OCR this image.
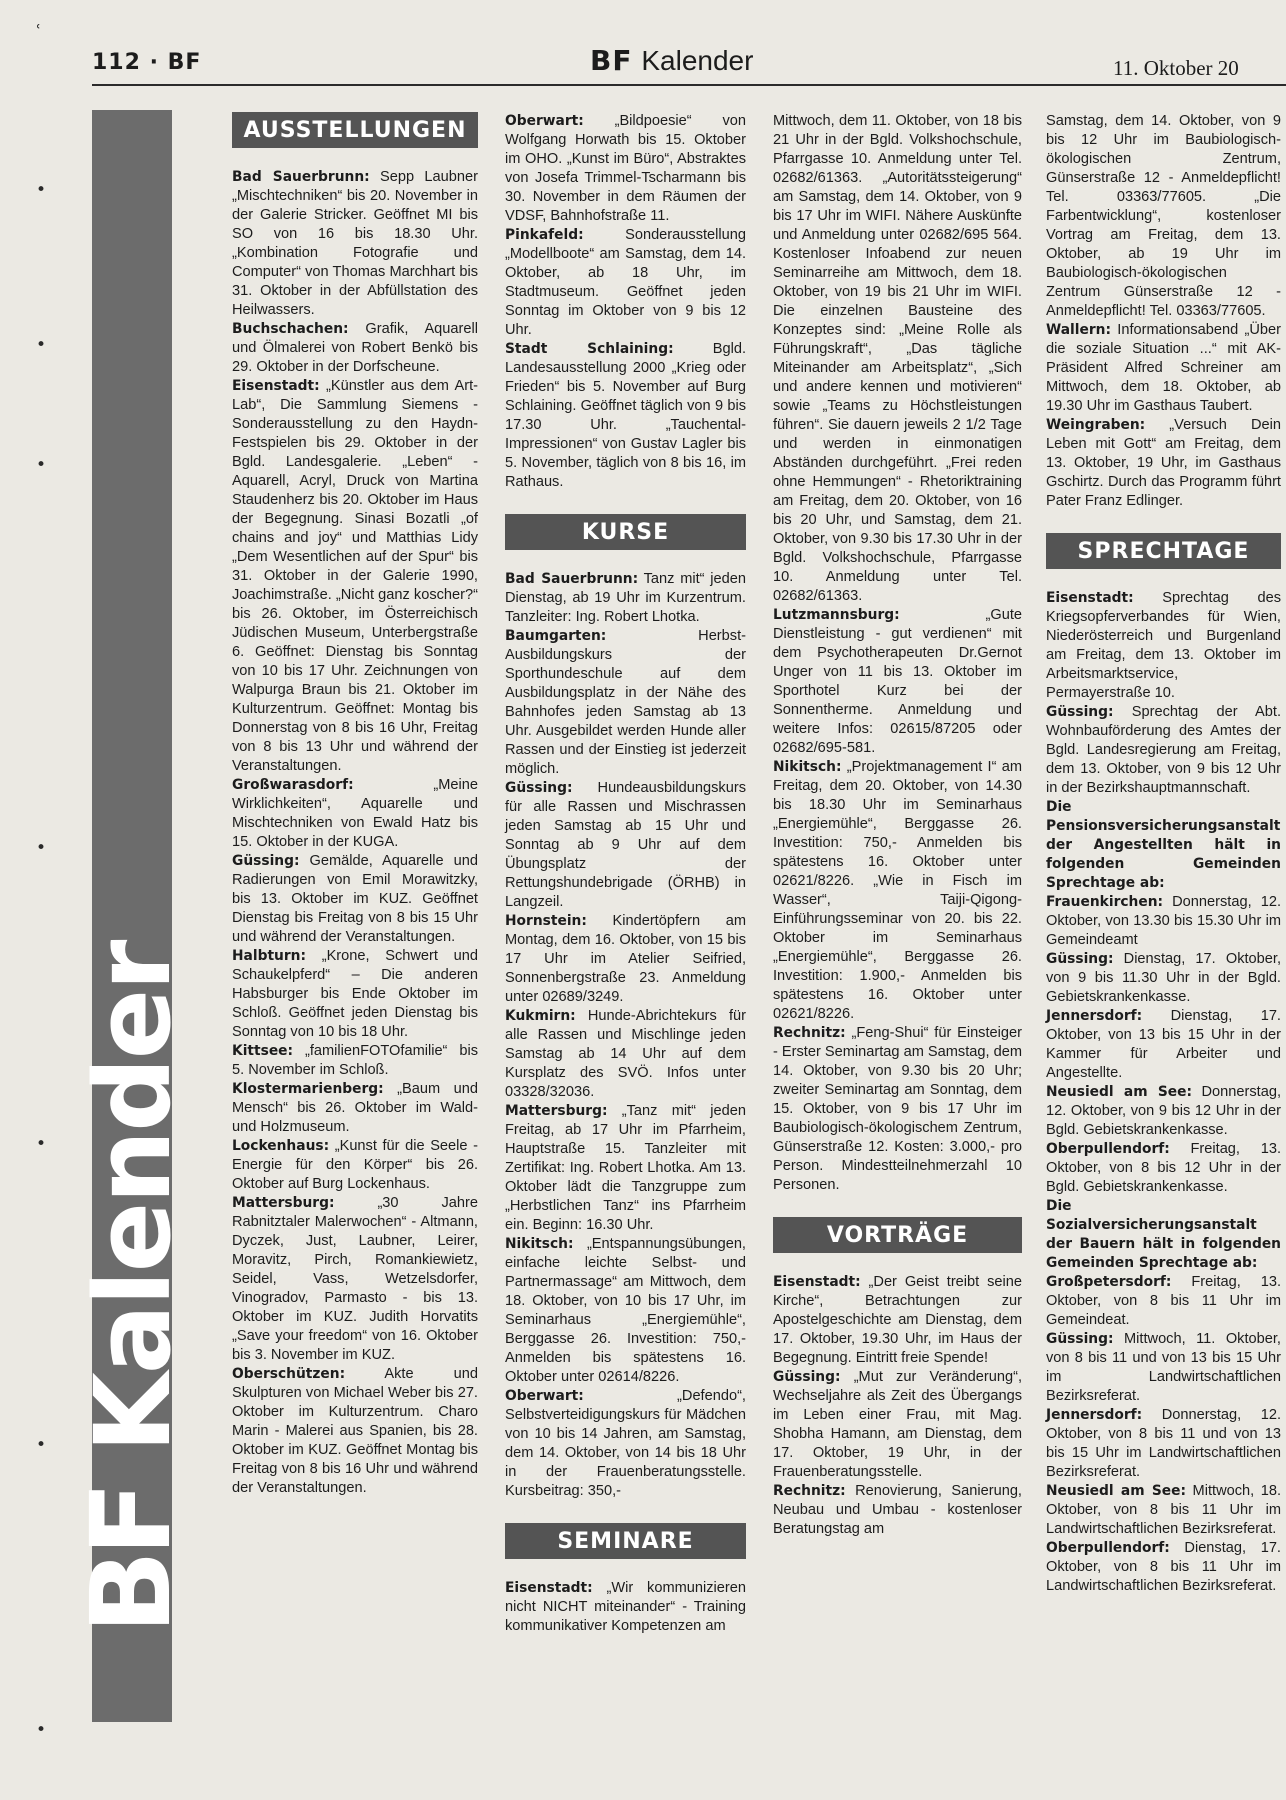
ʿ
•
•
•
•
•
•
•
112 · BF	BF Kalender	11. Oktober 20
BF Kalender
AUSSTELLUNGEN

Bad Sauerbrunn: Sepp Laubner „Mischtechniken“ bis 20. November in der Galerie Stricker. Geöffnet MI bis SO von 16 bis 18.30 Uhr. „Kombination Fotografie und Computer“ von Thomas Marchhart bis 31. Oktober in der Abfüllstation des Heilwassers.

Buchschachen: Grafik, Aquarell und Ölmalerei von Robert Benkö bis 29. Oktober in der Dorfscheune.

Eisenstadt: „Künstler aus dem Art-Lab“, Die Sammlung Siemens - Sonderausstellung zu den Haydn-Festspielen bis 29. Oktober in der Bgld. Landesgalerie. „Leben“ - Aquarell, Acryl, Druck von Martina Staudenherz bis 20. Oktober im Haus der Begegnung. Sinasi Bozatli „of chains and joy“ und Matthias Lidy „Dem Wesentlichen auf der Spur“ bis 31. Oktober in der Galerie 1990, Joachimstraße. „Nicht ganz koscher?“ bis 26. Oktober, im Österreichisch Jüdischen Museum, Unterbergstraße 6. Geöffnet: Dienstag bis Sonntag von 10 bis 17 Uhr. Zeichnungen von Walpurga Braun bis 21. Oktober im Kulturzentrum. Geöffnet: Montag bis Donnerstag von 8 bis 16 Uhr, Freitag von 8 bis 13 Uhr und während der Veranstaltungen.

Großwarasdorf: „Meine Wirklichkeiten“, Aquarelle und Mischtechniken von Ewald Hatz bis 15. Oktober in der KUGA.

Güssing: Gemälde, Aquarelle und Radierungen von Emil Morawitzky, bis 13. Oktober im KUZ. Geöffnet Dienstag bis Freitag von 8 bis 15 Uhr und während der Veranstaltungen.

Halbturn: „Krone, Schwert und Schaukelpferd“ – Die anderen Habsburger bis Ende Oktober im Schloß. Geöffnet jeden Dienstag bis Sonntag von 10 bis 18 Uhr.

Kittsee: „familienFOTOfamilie“ bis 5. November im Schloß.

Klostermarienberg: „Baum und Mensch“ bis 26. Oktober im Wald- und Holzmuseum.

Lockenhaus: „Kunst für die Seele - Energie für den Körper“ bis 26. Oktober auf Burg Lockenhaus.

Mattersburg: „30 Jahre Rabnitztaler Malerwochen“ - Altmann, Dyczek, Just, Laubner, Leirer, Moravitz, Pirch, Romankiewietz, Seidel, Vass, Wetzelsdorfer, Vinogradov, Parmasto - bis 13. Oktober im KUZ. Judith Horvatits „Save your freedom“ von 16. Oktober bis 3. November im KUZ.

Oberschützen: Akte und Skulpturen von Michael Weber bis 27. Oktober im Kulturzentrum. Charo Marin - Malerei aus Spanien, bis 28. Oktober im KUZ. Geöffnet Montag bis Freitag von 8 bis 16 Uhr und während der Veranstaltungen.

Oberwart: „Bildpoesie“ von Wolfgang Horwath bis 15. Oktober im OHO. „Kunst im Büro“, Abstraktes von Josefa Trimmel-Tscharmann bis 30. November in dem Räumen der VDSF, Bahnhofstraße 11.

Pinkafeld: Sonderausstellung „Modellboote“ am Samstag, dem 14. Oktober, ab 18 Uhr, im Stadtmuseum. Geöffnet jeden Sonntag im Oktober von 9 bis 12 Uhr.

Stadt Schlaining: Bgld. Landesausstellung 2000 „Krieg oder Frieden“ bis 5. November auf Burg Schlaining. Geöffnet täglich von 9 bis 17.30 Uhr. „Tauchental-Impressionen“ von Gustav Lagler bis 5. November, täglich von 8 bis 16, im Rathaus.

KURSE

Bad Sauerbrunn: Tanz mit“ jeden Dienstag, ab 19 Uhr im Kurzentrum. Tanzleiter: Ing. Robert Lhotka.

Baumgarten: Herbst-Ausbildungskurs der Sporthundeschule auf dem Ausbildungsplatz in der Nähe des Bahnhofes jeden Samstag ab 13 Uhr. Ausgebildet werden Hunde aller Rassen und der Einstieg ist jederzeit möglich.

Güssing: Hundeausbildungskurs für alle Rassen und Mischrassen jeden Samstag ab 15 Uhr und Sonntag ab 9 Uhr auf dem Übungsplatz der Rettungshundebrigade (ÖRHB) in Langzeil.

Hornstein: Kindertöpfern am Montag, dem 16. Oktober, von 15 bis 17 Uhr im Atelier Seifried, Sonnenbergstraße 23. Anmeldung unter 02689/3249.

Kukmirn: Hunde-Abrichtekurs für alle Rassen und Mischlinge jeden Samstag ab 14 Uhr auf dem Kursplatz des SVÖ. Infos unter 03328/32036.

Mattersburg: „Tanz mit“ jeden Freitag, ab 17 Uhr im Pfarrheim, Hauptstraße 15. Tanzleiter mit Zertifikat: Ing. Robert Lhotka. Am 13. Oktober lädt die Tanzgruppe zum „Herbstlichen Tanz“ ins Pfarrheim ein. Beginn: 16.30 Uhr.

Nikitsch: „Entspannungsübungen, einfache leichte Selbst- und Partnermassage“ am Mittwoch, dem 18. Oktober, von 10 bis 17 Uhr, im Seminarhaus „Energiemühle“, Berggasse 26. Investition: 750,- Anmelden bis spätestens 16. Oktober unter 02614/8226.

Oberwart: „Defendo“, Selbstverteidigungskurs für Mädchen von 10 bis 14 Jahren, am Samstag, dem 14. Oktober, von 14 bis 18 Uhr in der Frauenberatungsstelle. Kursbeitrag: 350,-

SEMINARE

Eisenstadt: „Wir kommunizieren nicht NICHT miteinander“ - Training kommunikativer Kompetenzen am

Mittwoch, dem 11. Oktober, von 18 bis 21 Uhr in der Bgld. Volkshochschule, Pfarrgasse 10. Anmeldung unter Tel. 02682/61363. „Autoritätssteigerung“ am Samstag, dem 14. Oktober, von 9 bis 17 Uhr im WIFI. Nähere Auskünfte und Anmeldung unter 02682/695 564. Kostenloser Infoabend zur neuen Seminarreihe am Mittwoch, dem 18. Oktober, von 19 bis 21 Uhr im WIFI. Die einzelnen Bausteine des Konzeptes sind: „Meine Rolle als Führungskraft“, „Das tägliche Miteinander am Arbeitsplatz“, „Sich und andere kennen und motivieren“ sowie „Teams zu Höchstleistungen führen“. Sie dauern jeweils 2 1/2 Tage und werden in einmonatigen Abständen durchgeführt. „Frei reden ohne Hemmungen“ - Rhetoriktraining am Freitag, dem 20. Oktober, von 16 bis 20 Uhr, und Samstag, dem 21. Oktober, von 9.30 bis 17.30 Uhr in der Bgld. Volkshochschule, Pfarrgasse 10. Anmeldung unter Tel. 02682/61363.

Lutzmannsburg: „Gute Dienstleistung - gut verdienen“ mit dem Psychotherapeuten Dr.Gernot Unger von 11 bis 13. Oktober im Sporthotel Kurz bei der Sonnentherme. Anmeldung und weitere Infos: 02615/87205 oder 02682/695-581.

Nikitsch: „Projektmanagement I“ am Freitag, dem 20. Oktober, von 14.30 bis 18.30 Uhr im Seminarhaus „Energiemühle“, Berggasse 26. Investition: 750,- Anmelden bis spätestens 16. Oktober unter 02621/8226. „Wie in Fisch im Wasser“, Taiji-Qigong-Einführungsseminar von 20. bis 22. Oktober im Seminarhaus „Energiemühle“, Berggasse 26. Investition: 1.900,- Anmelden bis spätestens 16. Oktober unter 02621/8226.

Rechnitz: „Feng-Shui“ für Einsteiger - Erster Seminartag am Samstag, dem 14. Oktober, von 9.30 bis 20 Uhr; zweiter Seminartag am Sonntag, dem 15. Oktober, von 9 bis 17 Uhr im Baubiologisch-ökologischem Zentrum, Günserstraße 12. Kosten: 3.000,- pro Person. Mindestteilnehmerzahl 10 Personen.

VORTRÄGE

Eisenstadt: „Der Geist treibt seine Kirche“, Betrachtungen zur Apostelgeschichte am Dienstag, dem 17. Oktober, 19.30 Uhr, im Haus der Begegnung. Eintritt freie Spende!

Güssing: „Mut zur Veränderung“, Wechseljahre als Zeit des Übergangs im Leben einer Frau, mit Mag. Shobha Hamann, am Dienstag, dem 17. Oktober, 19 Uhr, in der Frauenberatungsstelle.

Rechnitz: Renovierung, Sanierung, Neubau und Umbau - kostenloser Beratungstag am

Samstag, dem 14. Oktober, von 9 bis 12 Uhr im Baubiologisch-ökologischen Zentrum, Günserstraße 12 - Anmeldepflicht! Tel. 03363/77605. „Die Farbentwicklung“, kostenloser Vortrag am Freitag, dem 13. Oktober, ab 19 Uhr im Baubiologisch-ökologischen Zentrum Günserstraße 12 - Anmeldepflicht! Tel. 03363/77605.

Wallern: Informationsabend „Über die soziale Situation ...“ mit AK-Präsident Alfred Schreiner am Mittwoch, dem 18. Oktober, ab 19.30 Uhr im Gasthaus Taubert.

Weingraben: „Versuch Dein Leben mit Gott“ am Freitag, dem 13. Oktober, 19 Uhr, im Gasthaus Gschirtz. Durch das Programm führt Pater Franz Edlinger.

SPRECHTAGE

Eisenstadt: Sprechtag des Kriegsopferverbandes für Wien, Niederösterreich und Burgenland am Freitag, dem 13. Oktober im Arbeitsmarktservice, Permayerstraße 10.

Güssing: Sprechtag der Abt. Wohnbauförderung des Amtes der Bgld. Landesregierung am Freitag, dem 13. Oktober, von 9 bis 12 Uhr in der Bezirkshauptmannschaft.

Die Pensionsversicherungsanstalt der Angestellten hält in folgenden Gemeinden Sprechtage ab:

Frauenkirchen: Donnerstag, 12. Oktober, von 13.30 bis 15.30 Uhr im Gemeindeamt

Güssing: Dienstag, 17. Oktober, von 9 bis 11.30 Uhr in der Bgld. Gebietskrankenkasse.

Jennersdorf: Dienstag, 17. Oktober, von 13 bis 15 Uhr in der Kammer für Arbeiter und Angestellte.

Neusiedl am See: Donnerstag, 12. Oktober, von 9 bis 12 Uhr in der Bgld. Gebietskrankenkasse.

Oberpullendorf: Freitag, 13. Oktober, von 8 bis 12 Uhr in der Bgld. Gebietskrankenkasse.

Die Sozialversicherungsanstalt der Bauern hält in folgenden Gemeinden Sprechtage ab:

Großpetersdorf: Freitag, 13. Oktober, von 8 bis 11 Uhr im Gemeindeat.

Güssing: Mittwoch, 11. Oktober, von 8 bis 11 und von 13 bis 15 Uhr im Landwirtschaftlichen Bezirksreferat.

Jennersdorf: Donnerstag, 12. Oktober, von 8 bis 11 und von 13 bis 15 Uhr im Landwirtschaftlichen Bezirksreferat.

Neusiedl am See: Mittwoch, 18. Oktober, von 8 bis 11 Uhr im Landwirtschaftlichen Bezirksreferat.

Oberpullendorf: Dienstag, 17. Oktober, von 8 bis 11 Uhr im Landwirtschaftlichen Bezirksreferat.
